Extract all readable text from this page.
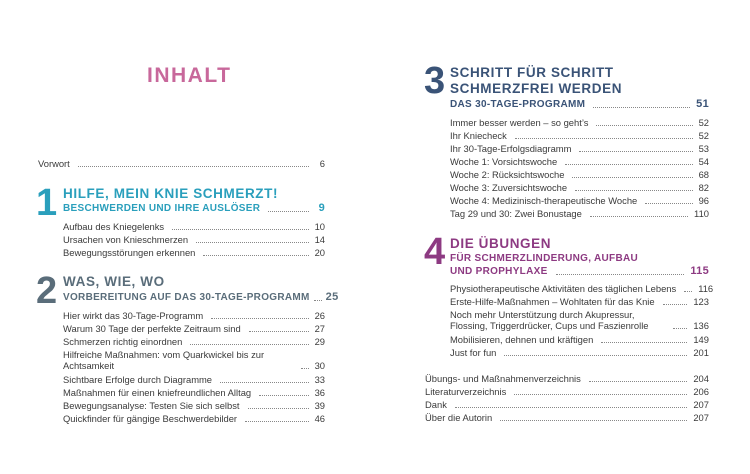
INHALT
Vorwort	6
1 HILFE, MEIN KNIE SCHMERZT!
BESCHWERDEN UND IHRE AUSLÖSER	9
Aufbau des Kniegelenks	10
Ursachen von Knieschmerzen	14
Bewegungsstörungen erkennen	20
2 WAS, WIE, WO
VORBEREITUNG AUF DAS 30-TAGE-PROGRAMM 25
Hier wirkt das 30-Tage-Programm	26
Warum 30 Tage der perfekte Zeitraum sind	27
Schmerzen richtig einordnen	29
Hilfreiche Maßnahmen: vom Quarkwickel bis zur Achtsamkeit	30
Sichtbare Erfolge durch Diagramme	33
Maßnahmen für einen kniefreundlichen Alltag	36
Bewegungsanalyse: Testen Sie sich selbst	39
Quickfinder für gängige Beschwerdebilder	46
3 SCHRITT FÜR SCHRITT
SCHMERZFREI WERDEN
DAS 30-TAGE-PROGRAMM	51
Immer besser werden – so geht’s	52
Ihr Kniecheck	52
Ihr 30-Tage-Erfolgsdiagramm	53
Woche 1: Vorsichtswoche	54
Woche 2: Rücksichtswoche	68
Woche 3: Zuversichtswoche	82
Woche 4: Medizinisch-therapeutische Woche	96
Tag 29 und 30: Zwei Bonustage	110
4 DIE ÜBUNGEN
FÜR SCHMERZLINDERUNG, AUFBAU
UND PROPHYLAXE	115
Physiotherapeutische Aktivitäten des täglichen Lebens 116
Erste-Hilfe-Maßnahmen – Wohltaten für das Knie	123
Noch mehr Unterstützung durch Akupressur, Flossing, Triggerdrücker, Cups und Faszienrolle	136
Mobilisieren, dehnen und kräftigen	149
Just for fun	201
Übungs- und Maßnahmenverzeichnis	204
Literaturverzeichnis	206
Dank	207
Über die Autorin	207
